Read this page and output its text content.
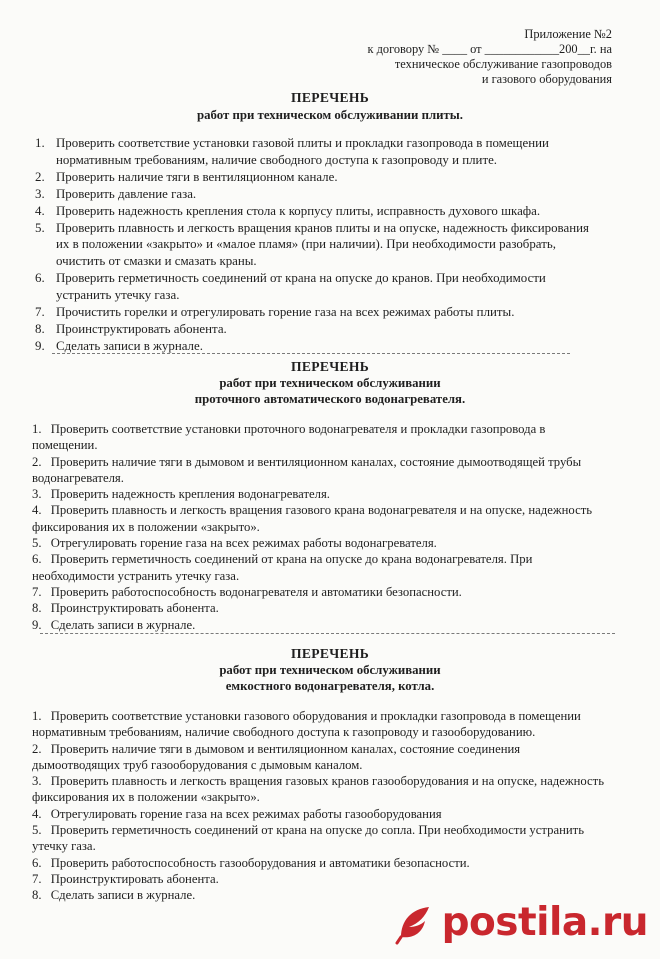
Приложение №2
к договору № ____ от ____________200__г. на
техническое обслуживание газопроводов
и газового оборудования
ПЕРЕЧЕНЬ
работ при техническом обслуживании плиты.
1. Проверить соответствие установки газовой плиты и прокладки газопровода в помещении нормативным требованиям, наличие свободного доступа к газопроводу и плите.
2. Проверить наличие тяги в вентиляционном канале.
3. Проверить давление газа.
4. Проверить надежность крепления стола к корпусу плиты, исправность духового шкафа.
5. Проверить плавность и легкость вращения кранов плиты и на опуске, надежность фиксирования их в положении «закрыто» и «малое пламя» (при наличии). При необходимости разобрать, очистить от смазки и смазать краны.
6. Проверить герметичность соединений от крана на опуске до кранов. При необходимости устранить утечку газа.
7. Прочистить горелки и отрегулировать горение газа на всех режимах работы плиты.
8. Проинструктировать абонента.
9. Сделать записи в журнале.
ПЕРЕЧЕНЬ
работ при техническом обслуживании
проточного автоматического водонагревателя.
1. Проверить соответствие установки проточного водонагревателя и прокладки газопровода в помещении.
2. Проверить наличие тяги в дымовом и вентиляционном каналах, состояние дымоотводящей трубы водонагревателя.
3. Проверить надежность крепления водонагревателя.
4. Проверить плавность и легкость вращения газового крана водонагревателя и на опуске, надежность фиксирования их в положении «закрыто».
5. Отрегулировать горение газа на всех режимах работы водонагревателя.
6. Проверить герметичность соединений от крана на опуске до крана водонагревателя. При необходимости устранить утечку газа.
7. Проверить работоспособность водонагревателя и автоматики безопасности.
8. Проинструктировать абонента.
9. Сделать записи в журнале.
ПЕРЕЧЕНЬ
работ при техническом обслуживании
емкостного водонагревателя, котла.
1. Проверить соответствие установки газового оборудования и прокладки газопровода в помещении нормативным требованиям, наличие свободного доступа к газопроводу и газооборудованию.
2. Проверить наличие тяги в дымовом и вентиляционном каналах, состояние соединения дымоотводящих труб газооборудования с дымовым каналом.
3. Проверить плавность и легкость вращения газовых кранов газооборудования и на опуске, надежность фиксирования их в положении «закрыто».
4. Отрегулировать горение газа на всех режимах работы газооборудования
5. Проверить герметичность соединений от крана на опуске до сопла. При необходимости устранить утечку газа.
6. Проверить работоспособность газооборудования и автоматики безопасности.
7. Проинструктировать абонента.
8. Сделать записи в журнале.
postila.ru
